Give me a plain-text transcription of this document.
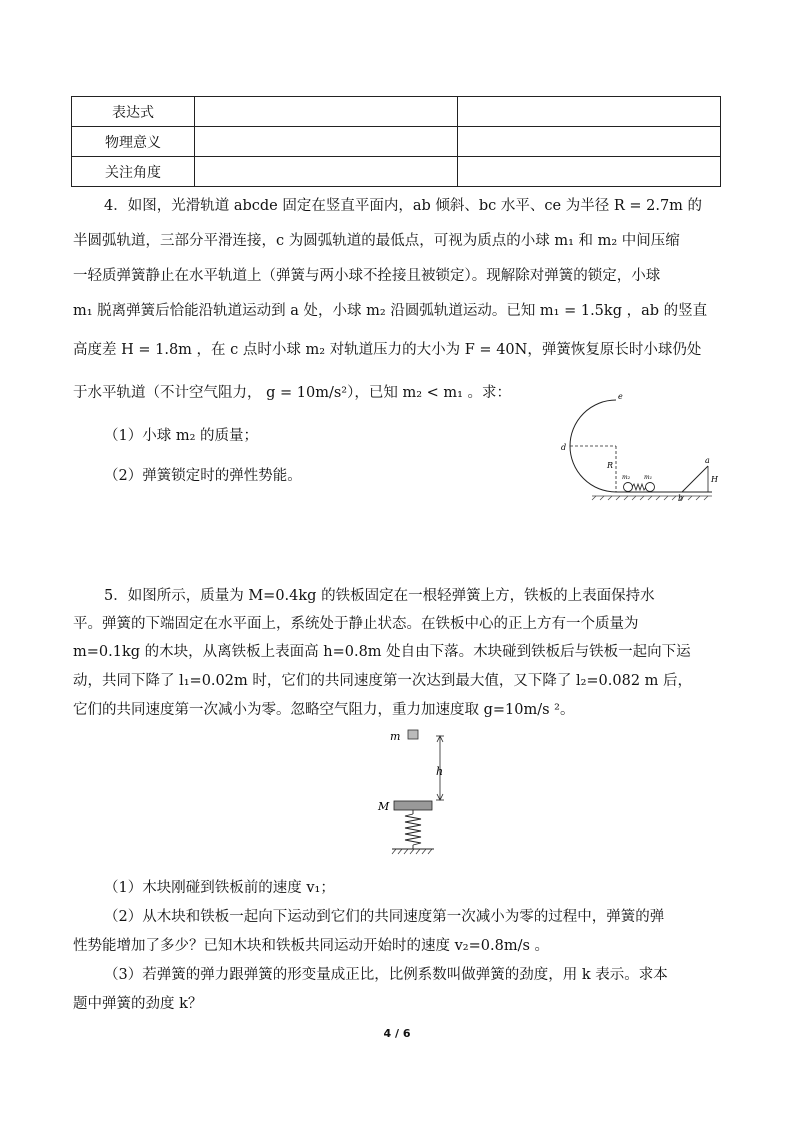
表达式		
物理意义		
关注角度		
4．如图，光滑轨道 abcde 固定在竖直平面内，ab 倾斜、bc 水平、ce 为半径 R = 2.7m 的
半圆弧轨道，三部分平滑连接，c 为圆弧轨道的最低点，可视为质点的小球 m₁ 和 m₂ 中间压缩
一轻质弹簧静止在水平轨道上（弹簧与两小球不拴接且被锁定）。现解除对弹簧的锁定，小球
m₁ 脱离弹簧后恰能沿轨道运动到 a 处，小球 m₂ 沿圆弧轨道运动。已知 m₁ = 1.5kg ，ab 的竖直
高度差 H = 1.8m ，在 c 点时小球 m₂ 对轨道压力的大小为 F = 40N，弹簧恢复原长时小球仍处
于水平轨道（不计空气阻力， g = 10m/s²），已知 m₂ < m₁ 。求：
（1）小球 m₂ 的质量；
（2）弹簧锁定时的弹性势能。
e
d
R
m₂ m₁
a
H
b
5．如图所示，质量为 M=0.4kg 的铁板固定在一根轻弹簧上方，铁板的上表面保持水
平。弹簧的下端固定在水平面上，系统处于静止状态。在铁板中心的正上方有一个质量为
m=0.1kg 的木块，从离铁板上表面高 h=0.8m 处自由下落。木块碰到铁板后与铁板一起向下运
动，共同下降了 l₁=0.02m 时，它们的共同速度第一次达到最大值，又下降了 l₂=0.082 m 后，
它们的共同速度第一次减小为零。忽略空气阻力，重力加速度取 g=10m/s ²。
m
h
M
（1）木块刚碰到铁板前的速度 v₁；
（2）从木块和铁板一起向下运动到它们的共同速度第一次减小为零的过程中，弹簧的弹
性势能增加了多少？已知木块和铁板共同运动开始时的速度 v₂=0.8m/s 。
（3）若弹簧的弹力跟弹簧的形变量成正比，比例系数叫做弹簧的劲度，用 k 表示。求本
题中弹簧的劲度 k？
4 / 6
